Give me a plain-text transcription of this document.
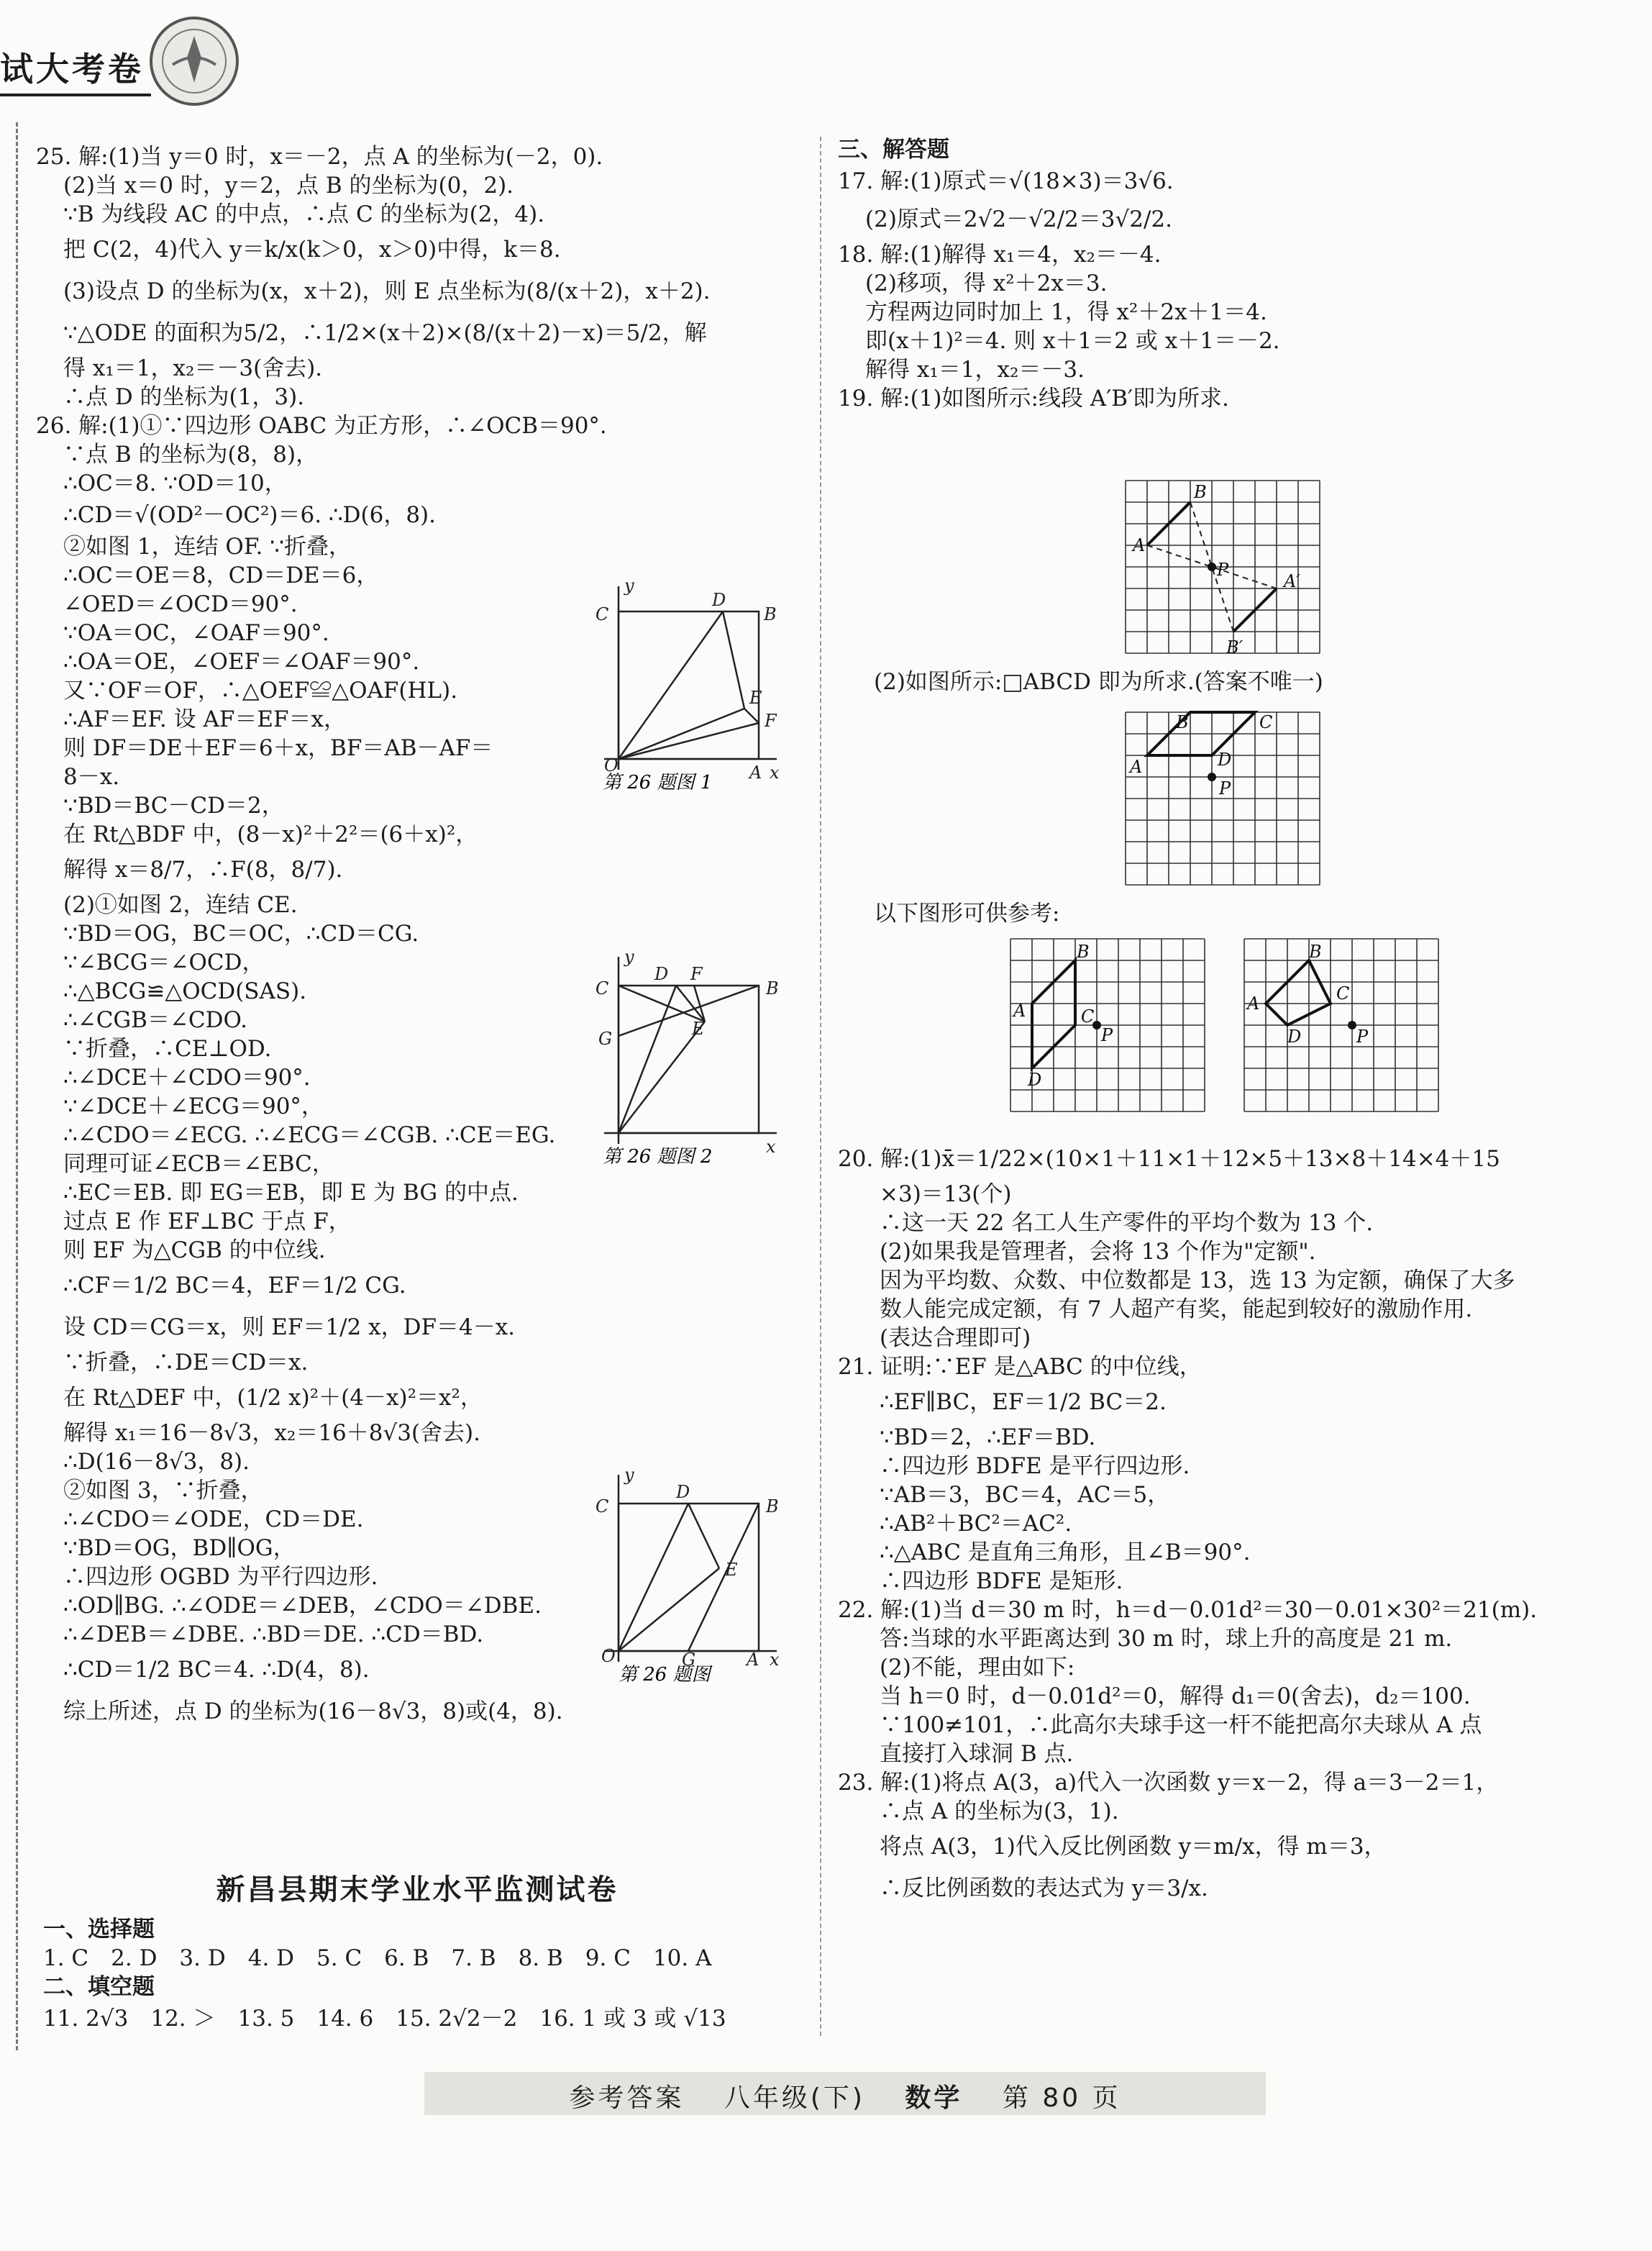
试大考卷
25. 解:(1)当 y＝0 时，x＝－2，点 A 的坐标为(－2，0).
(2)当 x＝0 时，y＝2，点 B 的坐标为(0，2).
∵B 为线段 AC 的中点，∴点 C 的坐标为(2，4).
把 C(2，4)代入 y＝k/x(k＞0，x＞0)中得，k＝8.
(3)设点 D 的坐标为(x，x＋2)，则 E 点坐标为(8/(x＋2)，x＋2).
∵△ODE 的面积为5/2，∴1/2×(x＋2)×(8/(x＋2)－x)＝5/2，解
得 x₁＝1，x₂＝－3(舍去).
∴点 D 的坐标为(1，3).
26. 解:(1)①∵四边形 OABC 为正方形，∴∠OCB＝90°.
∵点 B 的坐标为(8，8)，
∴OC＝8. ∵OD＝10，
∴CD＝√(OD²－OC²)＝6. ∴D(6，8).
②如图 1，连结 OF. ∵折叠，
∴OC＝OE＝8，CD＝DE＝6，
∠OED＝∠OCD＝90°.
∵OA＝OC，∠OAF＝90°.
∴OA＝OE，∠OEF＝∠OAF＝90°.
又∵OF＝OF，∴△OEF≌△OAF(HL).
∴AF＝EF. 设 AF＝EF＝x，
则 DF＝DE＋EF＝6＋x，BF＝AB－AF＝
8－x.
∵BD＝BC－CD＝2，
在 Rt△BDF 中，(8－x)²＋2²＝(6＋x)²，
解得 x＝8/7，∴F(8，8/7).
(2)①如图 2，连结 CE.
∵BD＝OG，BC＝OC，∴CD＝CG.
∵∠BCG＝∠OCD，
∴△BCG≌△OCD(SAS).
∴∠CGB＝∠CDO.
∵折叠，∴CE⊥OD.
∴∠DCE＋∠CDO＝90°.
∵∠DCE＋∠ECG＝90°，
∴∠CDO＝∠ECG. ∴∠ECG＝∠CGB. ∴CE＝EG.
同理可证∠ECB＝∠EBC，
∴EC＝EB. 即 EG＝EB，即 E 为 BG 的中点.
过点 E 作 EF⊥BC 于点 F，
则 EF 为△CGB 的中位线.
∴CF＝1/2 BC＝4，EF＝1/2 CG.
设 CD＝CG＝x，则 EF＝1/2 x，DF＝4－x.
∵折叠，∴DE＝CD＝x.
在 Rt△DEF 中，(1/2 x)²＋(4－x)²＝x²，
解得 x₁＝16－8√3，x₂＝16＋8√3(舍去).
∴D(16－8√3，8).
②如图 3，∵折叠，
∴∠CDO＝∠ODE，CD＝DE.
∵BD＝OG，BD∥OG，
∴四边形 OGBD 为平行四边形.
∴OD∥BG. ∴∠ODE＝∠DEB，∠CDO＝∠DBE.
∴∠DEB＝∠DBE. ∴BD＝DE. ∴CD＝BD.
∴CD＝1/2 BC＝4. ∴D(4，8).
综上所述，点 D 的坐标为(16－8√3，8)或(4，8).
y
C
D
B
E
F
O	A x
第 26 题图 1
y
C
D F
B
G	E
x
第 26 题图 2
y
C
D
B
E
O	G	A x
第 26 题图
新昌县期末学业水平监测试卷
一、选择题
1. C　2. D　3. D　4. D　5. C　6. B　7. B　8. B　9. C　10. A
二、填空题
11. 2√3　12. ＞　13. 5　14. 6　15. 2√2－2　16. 1 或 3 或 √13
三、解答题
17. 解:(1)原式＝√(18×3)＝3√6.
(2)原式＝2√2－√2/2＝3√2/2.
18. 解:(1)解得 x₁＝4，x₂＝－4.
(2)移项，得 x²＋2x＝3.
方程两边同时加上 1，得 x²＋2x＋1＝4.
即(x＋1)²＝4. 则 x＋1＝2 或 x＋1＝－2.
解得 x₁＝1，x₂＝－3.
19. 解:(1)如图所示:线段 A′B′即为所求.
B
A
P
A′
B′
(2)如图所示:□ABCD 即为所求.(答案不唯一)
B	C
A	D
P
以下图形可供参考:
B
A	C
P
D
B
A	C
D	P
20. 解:(1)x̄＝1/22×(10×1＋11×1＋12×5＋13×8＋14×4＋15
×3)＝13(个)
∴这一天 22 名工人生产零件的平均个数为 13 个.
(2)如果我是管理者，会将 13 个作为"定额".
因为平均数、众数、中位数都是 13，选 13 为定额，确保了大多
数人能完成定额，有 7 人超产有奖，能起到较好的激励作用.
(表达合理即可)
21. 证明:∵EF 是△ABC 的中位线，
∴EF∥BC，EF＝1/2 BC＝2.
∵BD＝2，∴EF＝BD.
∴四边形 BDFE 是平行四边形.
∵AB＝3，BC＝4，AC＝5，
∴AB²＋BC²＝AC².
∴△ABC 是直角三角形，且∠B＝90°.
∴四边形 BDFE 是矩形.
22. 解:(1)当 d＝30 m 时，h＝d－0.01d²＝30－0.01×30²＝21(m).
答:当球的水平距离达到 30 m 时，球上升的高度是 21 m.
(2)不能，理由如下:
当 h＝0 时，d－0.01d²＝0，解得 d₁＝0(舍去)，d₂＝100.
∵100≠101，∴此高尔夫球手这一杆不能把高尔夫球从 A 点
直接打入球洞 B 点.
23. 解:(1)将点 A(3，a)代入一次函数 y＝x－2，得 a＝3－2＝1，
∴点 A 的坐标为(3，1).
将点 A(3，1)代入反比例函数 y＝m/x，得 m＝3，
∴反比例函数的表达式为 y＝3/x.
参考答案　 八年级(下)　 数学　 第 80 页
